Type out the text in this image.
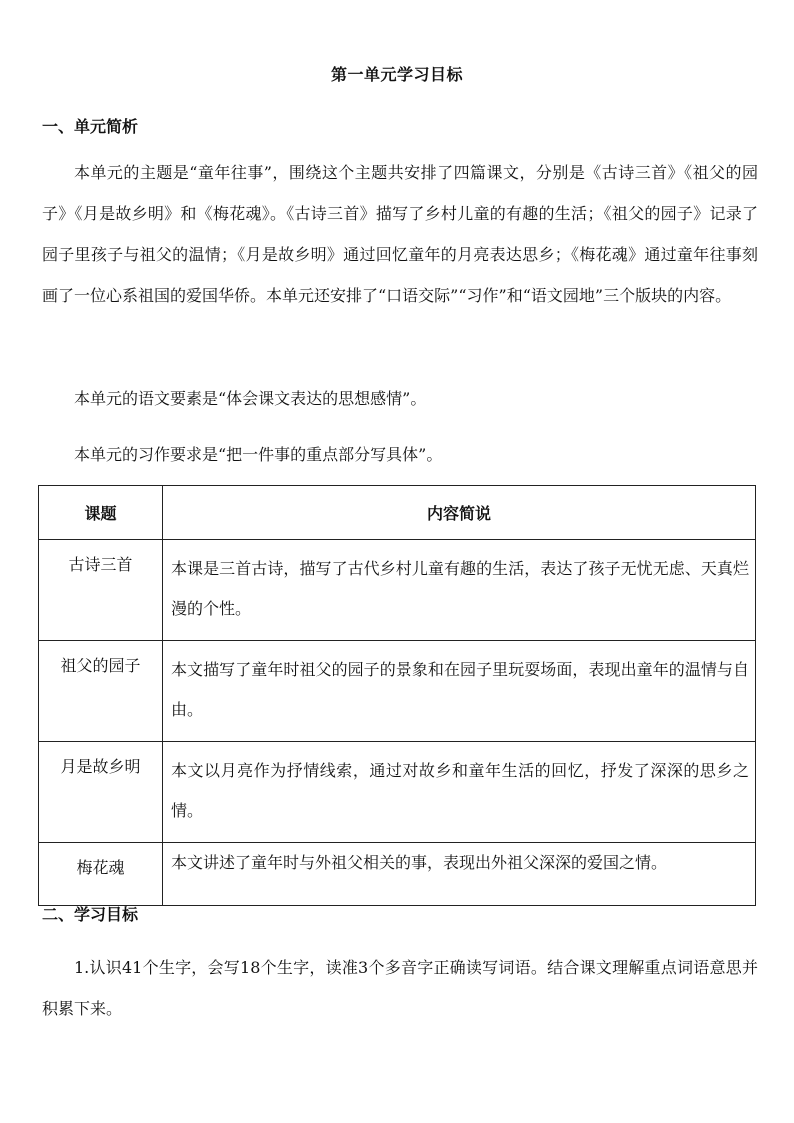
第一单元学习目标
一、单元简析

本单元的主题是“童年往事”，围绕这个主题共安排了四篇课文，分别是《古诗三首》《祖父的园子》《月是故乡明》和《梅花魂》。《古诗三首》描写了乡村儿童的有趣的生活；《祖父的园子》记录了园子里孩子与祖父的温情；《月是故乡明》通过回忆童年的月亮表达思乡；《梅花魂》通过童年往事刻画了一位心系祖国的爱国华侨。本单元还安排了“口语交际”“习作”和“语文园地”三个版块的内容。

本单元的语文要素是“体会课文表达的思想感情”。
本单元的习作要求是“把一件事的重点部分写具体”。
课题	内容简说
古诗三首	本课是三首古诗，描写了古代乡村儿童有趣的生活，表达了孩子无忧无虑、天真烂漫的个性。
祖父的园子	本文描写了童年时祖父的园子的景象和在园子里玩耍场面，表现出童年的温情与自由。
月是故乡明	本文以月亮作为抒情线索，通过对故乡和童年生活的回忆，抒发了深深的思乡之情。
梅花魂	本文讲述了童年时与外祖父相关的事，表现出外祖父深深的爱国之情。
二、学习目标

1.认识41个生字，会写18个生字，读准3个多音字正确读写词语。结合课文理解重点词语意思并积累下来。
